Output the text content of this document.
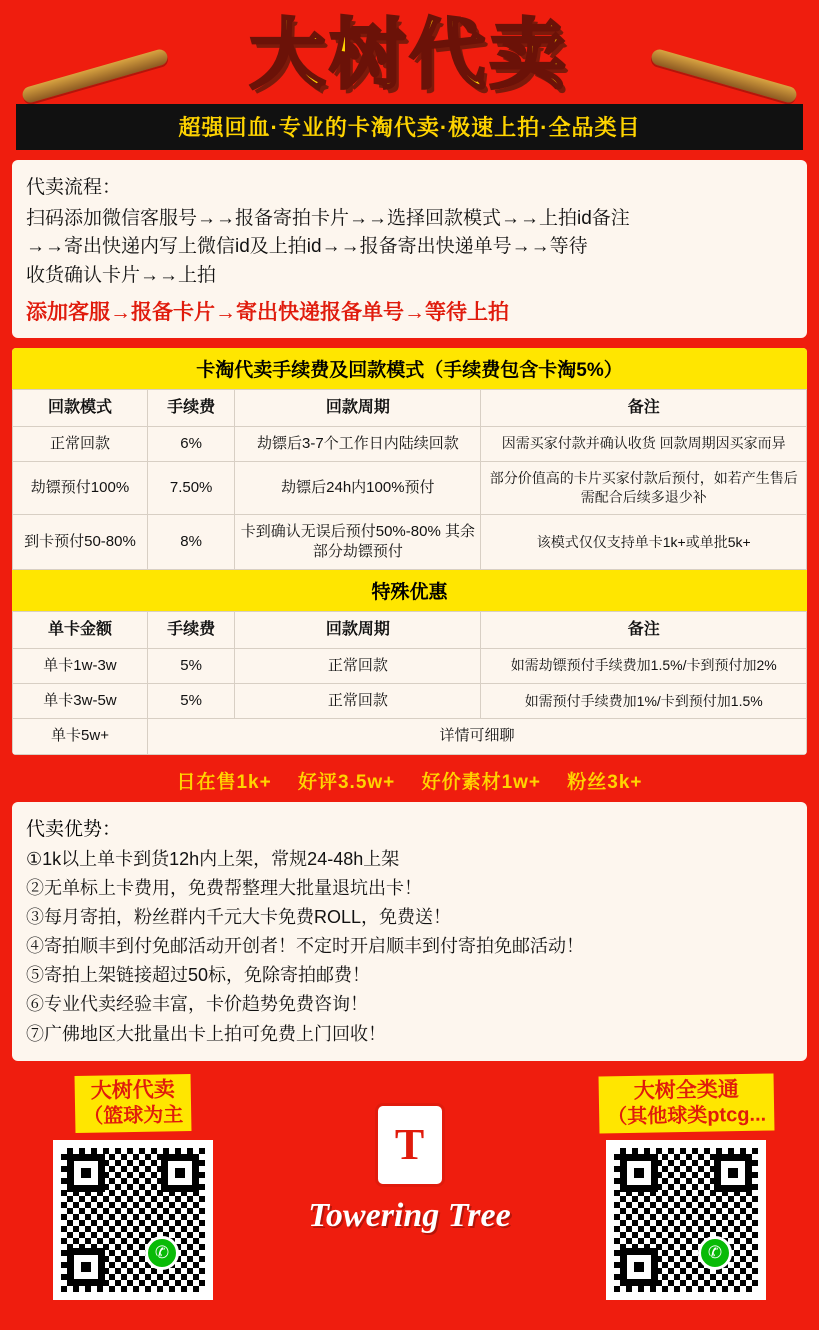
大树代卖
超强回血·专业的卡淘代卖·极速上拍·全品类目
代卖流程：
扫码添加微信客服号→→报备寄拍卡片→→选择回款模式→→上拍id备注
→→寄出快递内写上微信id及上拍id→→报备寄出快递单号→→等待
收货确认卡片→→上拍
添加客服→报备卡片→寄出快递报备单号→等待上拍
卡淘代卖手续费及回款模式（手续费包含卡淘5%）
回款模式	手续费	回款周期	备注
正常回款	6%	劫镖后3-7个工作日内陆续回款	因需买家付款并确认收货 回款周期因买家而异
劫镖预付100%	7.50%	劫镖后24h内100%预付	部分价值高的卡片买家付款后预付，如若产生售后需配合后续多退少补
到卡预付50-80%	8%	卡到确认无误后预付50%-80% 其余部分劫镖预付	该模式仅仅支持单卡1k+或单批5k+
特殊优惠
单卡金额	手续费	回款周期	备注
单卡1w-3w	5%	正常回款	如需劫镖预付手续费加1.5%/卡到预付加2%
单卡3w-5w	5%	正常回款	如需预付手续费加1%/卡到预付加1.5%
单卡5w+	详情可细聊		
日在售1k+ 好评3.5w+ 好价素材1w+ 粉丝3k+
代卖优势：
①1k以上单卡到货12h内上架，常规24-48h上架
②无单标上卡费用，免费帮整理大批量退坑出卡！
③每月寄拍，粉丝群内千元大卡免费ROLL，免费送！
④寄拍顺丰到付免邮活动开创者！不定时开启顺丰到付寄拍免邮活动！
⑤寄拍上架链接超过50标，免除寄拍邮费！
⑥专业代卖经验丰富，卡价趋势免费咨询！
⑦广佛地区大批量出卡上拍可免费上门回收！
大树代卖
（篮球为主
✆
T
Towering Tree
大树全类通
（其他球类ptcg...
✆
